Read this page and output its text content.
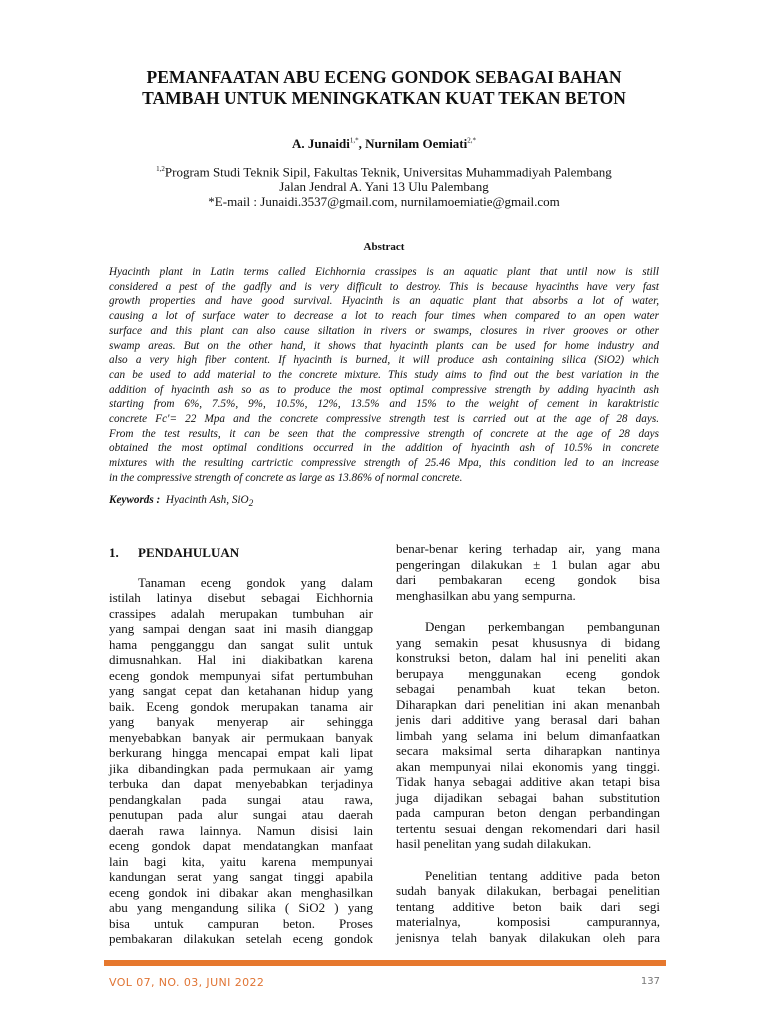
PEMANFAATAN ABU ECENG GONDOK SEBAGAI BAHAN
TAMBAH UNTUK MENINGKATKAN KUAT TEKAN BETON
A. Junaidi$^{1,*}$, Nurnilam Oemiati$^{2,*}$
$^{1,2}$Program Studi Teknik Sipil, Fakultas Teknik, Universitas Muhammadiyah Palembang
Jalan Jendral A. Yani 13 Ulu Palembang
*E-mail : Junaidi.3537@gmail.com, nurnilamoemiatie@gmail.com
Abstract
Hyacinth plant in Latin terms called Eichhornia crassipes is an aquatic plant that until now is still
considered a pest of the gadfly and is very difficult to destroy. This is because hyacinths have very fast
growth properties and have good survival. Hyacinth is an aquatic plant that absorbs a lot of water,
causing a lot of surface water to decrease a lot to reach four times when compared to an open water
surface and this plant can also cause siltation in rivers or swamps, closures in river grooves or other
swamp areas. But on the other hand, it shows that hyacinth plants can be used for home industry and
also a very high fiber content. If hyacinth is burned, it will produce ash containing silica (SiO2) which
can be used to add material to the concrete mixture. This study aims to find out the best variation in the
addition of hyacinth ash so as to produce the most optimal compressive strength by adding hyacinth ash
starting from 6%, 7.5%, 9%, 10.5%, 12%, 13.5% and 15% to the weight of cement in karaktristic
concrete Fc'= 22 Mpa and the concrete compressive strength test is carried out at the age of 28 days.
From the test results, it can be seen that the compressive strength of concrete at the age of 28 days
obtained the most optimal conditions occurred in the addition of hyacinth ash of 10.5% in concrete
mixtures with the resulting cartrictic compressive strength of 25.46 Mpa, this condition led to an increase
in the compressive strength of concrete as large as 13.86% of normal concrete.
Keywords : Hyacinth Ash, SiO$_2$
1. PENDAHULUAN
Tanaman eceng gondok yang dalam
istilah latinya disebut sebagai Eichhornia
crassipes adalah merupakan tumbuhan air
yang sampai dengan saat ini masih dianggap
hama pengganggu dan sangat sulit untuk
dimusnahkan. Hal ini diakibatkan karena
eceng gondok mempunyai sifat pertumbuhan
yang sangat cepat dan ketahanan hidup yang
baik. Eceng gondok merupakan tanama air
yang banyak menyerap air sehingga
menyebabkan banyak air permukaan banyak
berkurang hingga mencapai empat kali lipat
jika dibandingkan pada permukaan air yamg
terbuka dan dapat menyebabkan terjadinya
pendangkalan pada sungai atau rawa,
penutupan pada alur sungai atau daerah
daerah rawa lainnya. Namun disisi lain
eceng gondok dapat mendatangkan manfaat
lain bagi kita, yaitu karena mempunyai
kandungan serat yang sangat tinggi apabila
eceng gondok ini dibakar akan menghasilkan
abu yang mengandung silika ( SiO2 ) yang
bisa untuk campuran beton. Proses
pembakaran dilakukan setelah eceng gondok
benar-benar kering terhadap air, yang mana
pengeringan dilakukan ± 1 bulan agar abu
dari pembakaran eceng gondok bisa
menghasilkan abu yang sempurna.
Dengan perkembangan pembangunan
yang semakin pesat khususnya di bidang
konstruksi beton, dalam hal ini peneliti akan
berupaya menggunakan eceng gondok
sebagai penambah kuat tekan beton.
Diharapkan dari penelitian ini akan menanbah
jenis dari additive yang berasal dari bahan
limbah yang selama ini belum dimanfaatkan
secara maksimal serta diharapkan nantinya
akan mempunyai nilai ekonomis yang tinggi.
Tidak hanya sebagai additive akan tetapi bisa
juga dijadikan sebagai bahan substitution
pada campuran beton dengan perbandingan
tertentu sesuai dengan rekomendari dari hasil
hasil penelitan yang sudah dilakukan.
Penelitian tentang additive pada beton
sudah banyak dilakukan, berbagai penelitian
tentang additive beton baik dari segi
materialnya, komposisi campurannya,
jenisnya telah banyak dilakukan oleh para
VOL 07, NO. 03, JUNI 2022	137
